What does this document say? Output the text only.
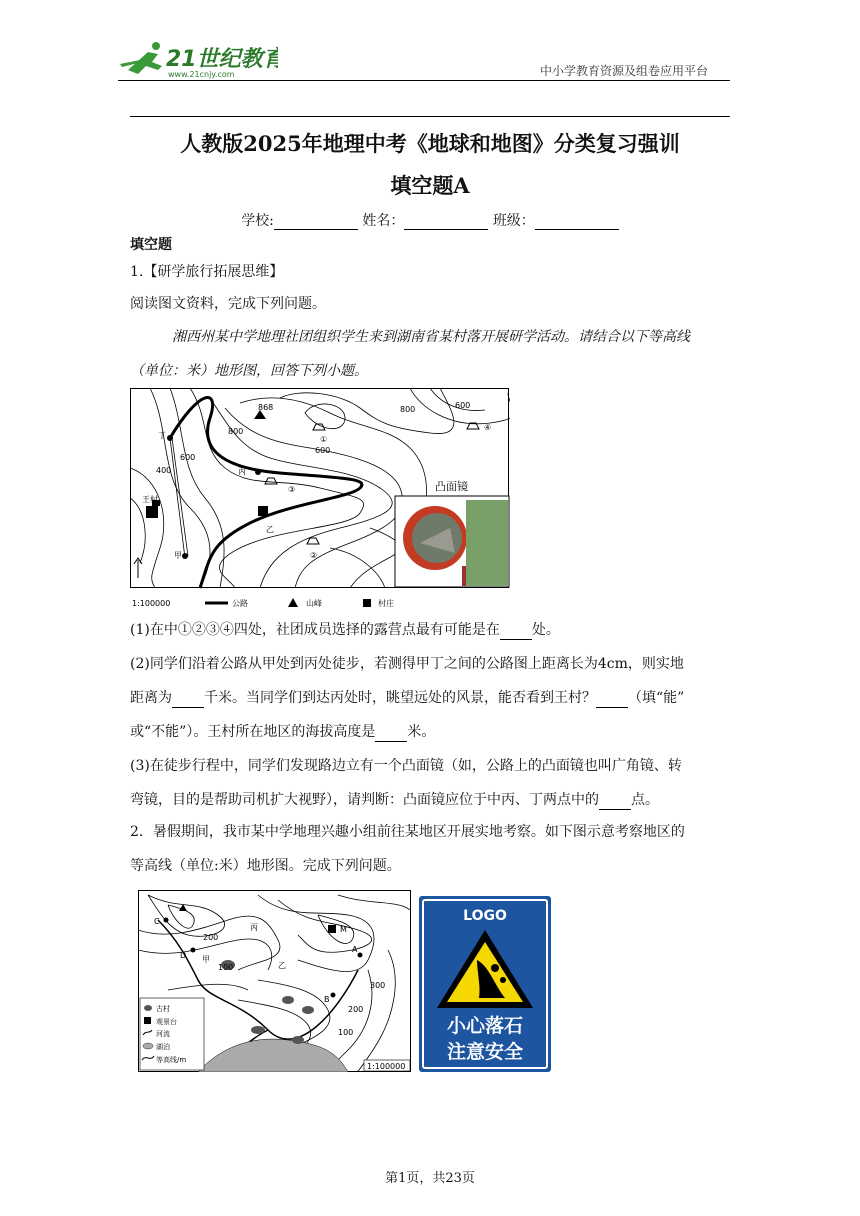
21世纪教育
www.21cnjy.com	中小学教育资源及组卷应用平台
人教版2025年地理中考《地球和地图》分类复习强训
填空题A
学校:	姓名：	班级：
填空题
1.【研学旅行拓展思维】
阅读图文资料，完成下列问题。
湘西州某中学地理社团组织学生来到湖南省某村落开展研学活动。请结合以下等高线
（单位：米）地形图，回答下列小题。
868
800
800
600
600
600
400
①
②
③
④
丁
丙
乙
甲
王村
凸面镜
1:100000	公路	山峰	村庄
(1)在中①②③④四处，社团成员选择的露营点最有可能是在 处。
(2)同学们沿着公路从甲处到丙处徒步，若测得甲丁之间的公路图上距离长为4cm，则实地
距离为 千米。当同学们到达丙处时，眺望远处的风景，能否看到王村？ （填“能”
或“不能”）。王村所在地区的海拔高度是 米。
(3)在徒步行程中，同学们发现路边立有一个凸面镜（如，公路上的凸面镜也叫广角镜、转
弯镜，目的是帮助司机扩大视野），请判断：凸面镜应位于中丙、丁两点中的 点。
2．暑假期间，我市某中学地理兴趣小组前往某地区开展实地考察。如下图示意考察地区的
等高线（单位:米）地形图。完成下列问题。
200
100
300
200
100
M
C
D
B
A
甲
乙
丙
古村
观景台
河流
湖泊
等高线/m
1:100000
LOGO
小心落石
注意安全
第1页，共23页
